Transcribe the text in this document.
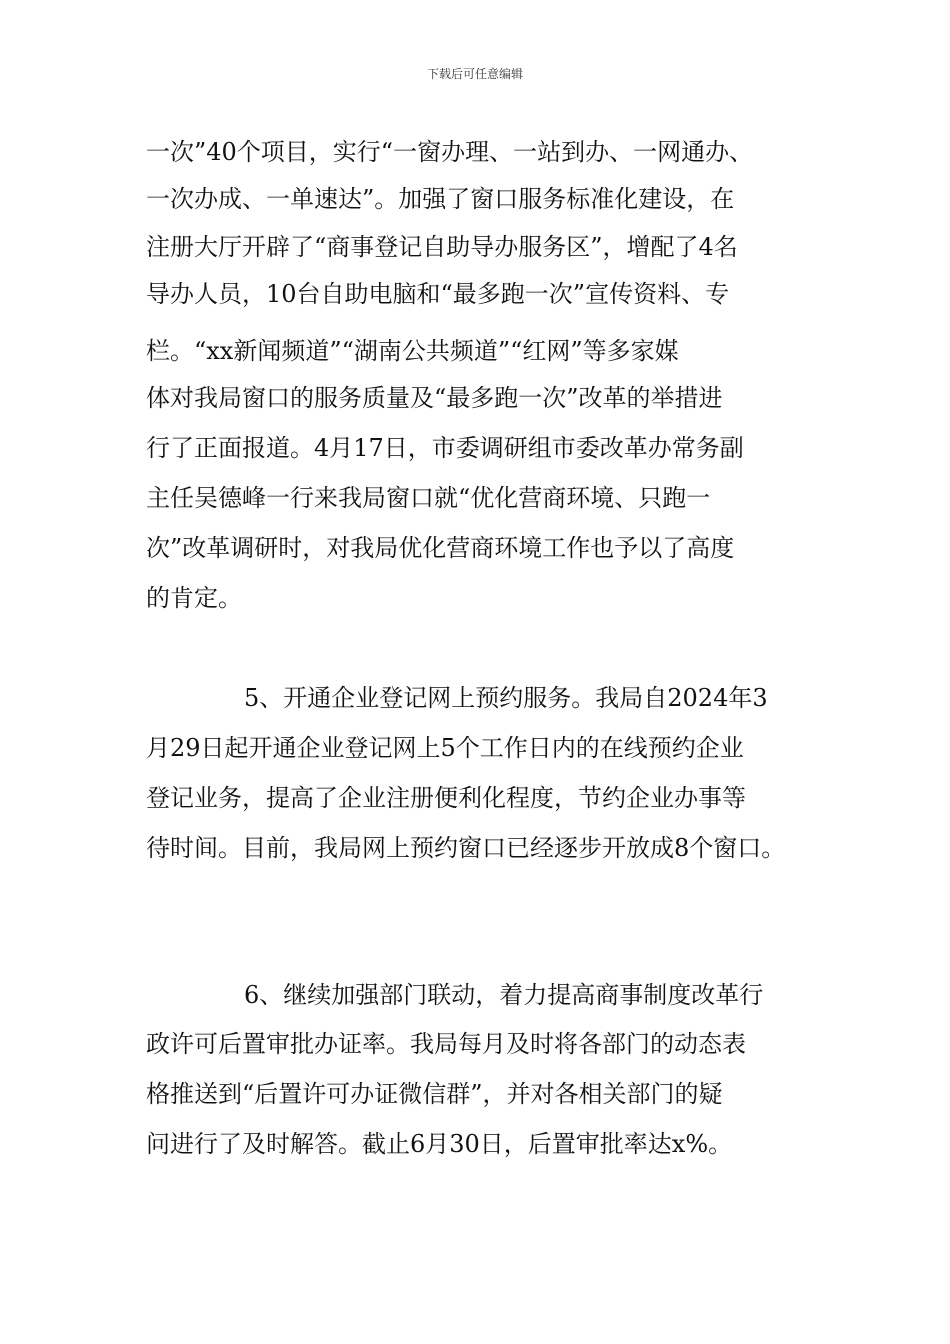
下载后可任意编辑
一次”40个项目，实行“一窗办理、一站到办、一网通办、
一次办成、一单速达”。加强了窗口服务标准化建设，在
注册大厅开辟了“商事登记自助导办服务区”，增配了4名
导办人员，10台自助电脑和“最多跑一次”宣传资料、专
栏。“xx新闻频道”“湖南公共频道”“红网”等多家媒
体对我局窗口的服务质量及“最多跑一次”改革的举措进
行了正面报道。4月17日，市委调研组市委改革办常务副
主任吴德峰一行来我局窗口就“优化营商环境、只跑一
次”改革调研时，对我局优化营商环境工作也予以了高度
的肯定。
5、开通企业登记网上预约服务。我局自2024年3
月29日起开通企业登记网上5个工作日内的在线预约企业
登记业务，提高了企业注册便利化程度，节约企业办事等
待时间。目前，我局网上预约窗口已经逐步开放成8个窗口。
6、继续加强部门联动，着力提高商事制度改革行
政许可后置审批办证率。我局每月及时将各部门的动态表
格推送到“后置许可办证微信群”，并对各相关部门的疑
问进行了及时解答。截止6月30日，后置审批率达x%。
